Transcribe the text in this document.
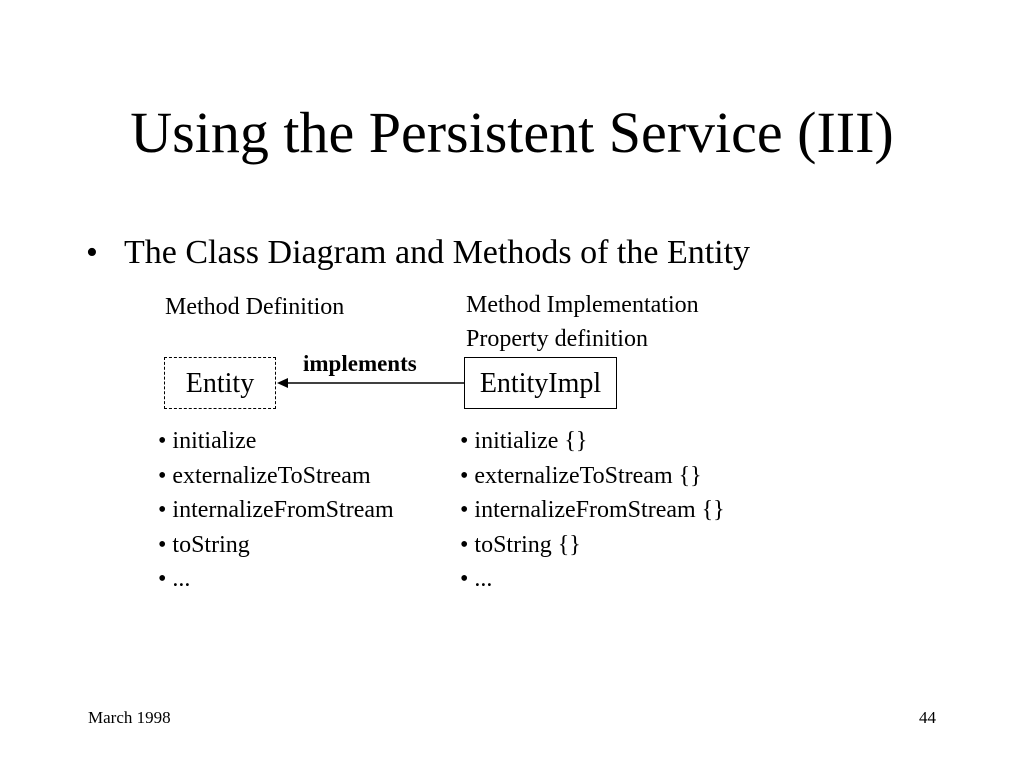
Using the Persistent Service (III)
• The Class Diagram and Methods of the Entity
Method Definition	Method Implementation
Property definition
Entity	EntityImpl
implements
• initialize
• externalizeToStream
• internalizeFromStream
• toString
• ...
• initialize {}
• externalizeToStream {}
• internalizeFromStream {}
• toString {}
• ...
March 1998	44
